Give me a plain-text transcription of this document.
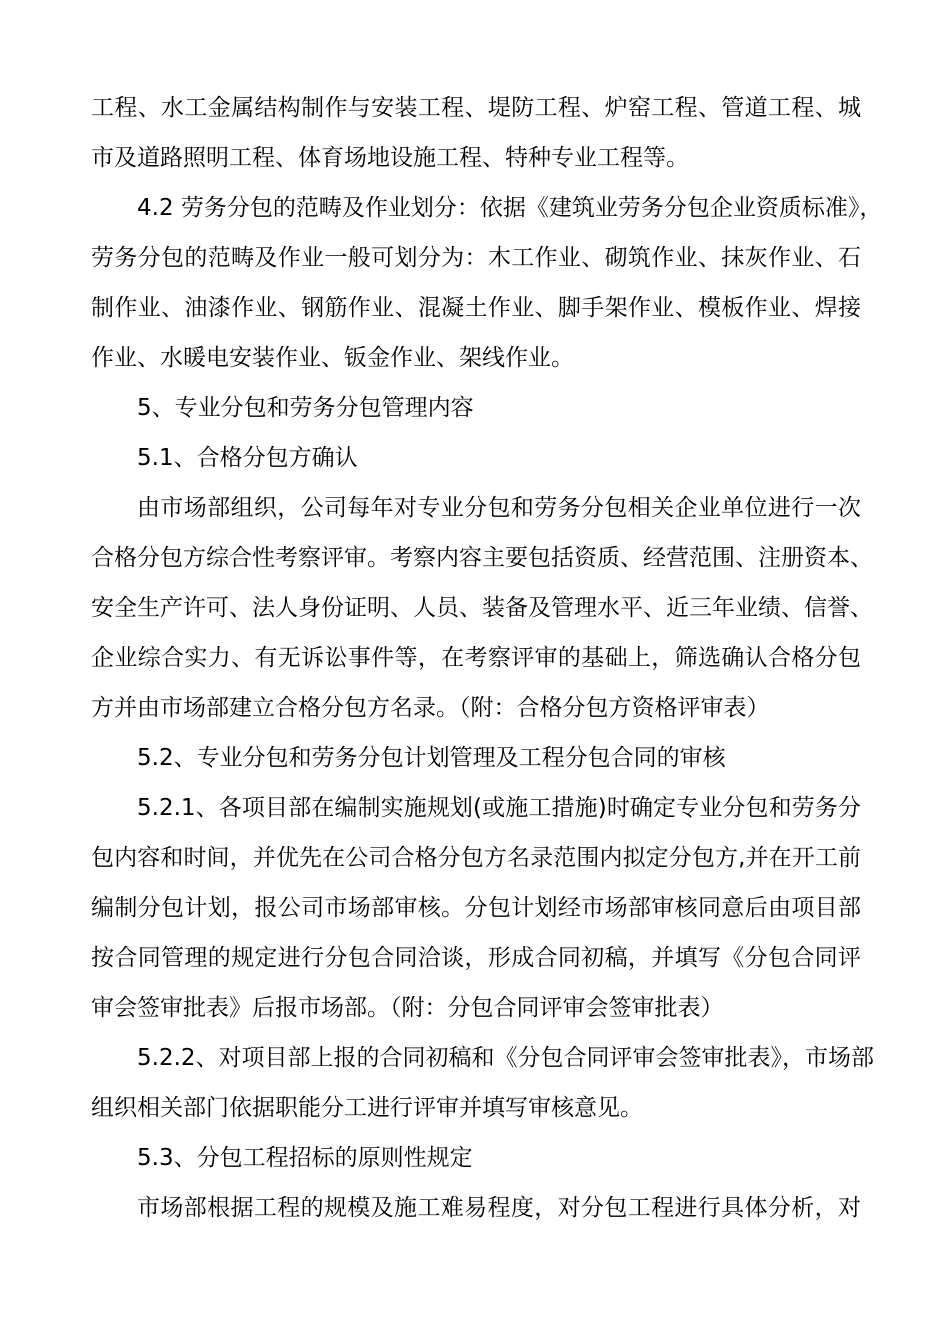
工程、水工金属结构制作与安装工程、堤防工程、炉窑工程、管道工程、城
市及道路照明工程、体育场地设施工程、特种专业工程等。
4.2 劳务分包的范畴及作业划分：依据《建筑业劳务分包企业资质标准》，
劳务分包的范畴及作业一般可划分为：木工作业、砌筑作业、抹灰作业、石
制作业、油漆作业、钢筋作业、混凝土作业、脚手架作业、模板作业、焊接
作业、水暖电安装作业、钣金作业、架线作业。
5、专业分包和劳务分包管理内容
5.1、合格分包方确认
由市场部组织，公司每年对专业分包和劳务分包相关企业单位进行一次
合格分包方综合性考察评审。考察内容主要包括资质、经营范围、注册资本、
安全生产许可、法人身份证明、人员、装备及管理水平、近三年业绩、信誉、
企业综合实力、有无诉讼事件等，在考察评审的基础上，筛选确认合格分包
方并由市场部建立合格分包方名录。（附：合格分包方资格评审表）
5.2、专业分包和劳务分包计划管理及工程分包合同的审核
5.2.1、各项目部在编制实施规划(或施工措施)时确定专业分包和劳务分
包内容和时间，并优先在公司合格分包方名录范围内拟定分包方,并在开工前
编制分包计划，报公司市场部审核。分包计划经市场部审核同意后由项目部
按合同管理的规定进行分包合同洽谈，形成合同初稿，并填写《分包合同评
审会签审批表》后报市场部。（附：分包合同评审会签审批表）
5.2.2、对项目部上报的合同初稿和《分包合同评审会签审批表》，市场部
组织相关部门依据职能分工进行评审并填写审核意见。
5.3、分包工程招标的原则性规定
市场部根据工程的规模及施工难易程度，对分包工程进行具体分析，对
